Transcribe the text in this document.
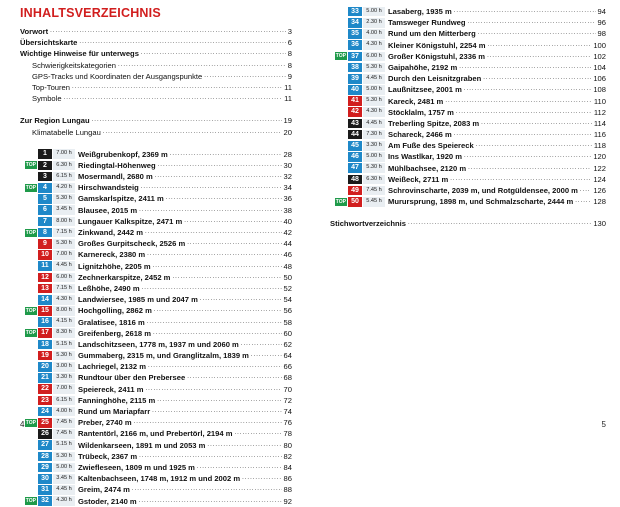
INHALTSVERZEICHNIS
Vorwort .....	3
Übersichtskarte .....	6
Wichtige Hinweise für unterwegs .....	8
Schwierigkeitskategorien .....	8
GPS-Tracks und Koordinaten der Ausgangspunkte .....	9
Top-Touren .....	11
Symbole .....	11
Zur Region Lungau .....	19
Klimatabelle Lungau .....	20
1	7.00 h Weißgrubenkopf, 2369 m .....	28
TOP	2	6.30 h Riedingtal-Höhenweg .....	30
3	6.15 h Mosermandl, 2680 m .....	32
TOP	4	4.20 h Hirschwandsteig .....	34
5	5.30 h Gamskarlspitze, 2411 m .....	36
6	3.45 h Blausee, 2015 m .....	38
7	8.00 h Lungauer Kalkspitze, 2471 m .....	40
TOP	8	7.15 h Zinkwand, 2442 m .....	42
9	5.30 h Großes Gurpitscheck, 2526 m .....	44
10	7.00 h Karnereck, 2380 m .....	46
11	4.45 h Lignitzhöhe, 2205 m .....	48
12	6.00 h Zechnerkarspitze, 2452 m .....	50
13	7.15 h Leßhöhe, 2490 m .....	52
14	4.30 h Landwiersee, 1985 m und 2047 m .....	54
TOP 15	8.00 h Hochgolling, 2862 m .....	56
16	4.15 h Gralatisee, 1816 m .....	58
TOP 17	8.30 h Greifenberg, 2618 m .....	60
18	5.15 h Landschitzseen, 1778 m, 1937 m und 2060 m .....	62
19	5.30 h Gummaberg, 2315 m, und Granglitzalm, 1839 m .....	64
20	3.00 h Lachriegel, 2132 m .....	66
21	3.30 h Rundtour über den Prebersee .....	68
22	7.00 h Speiereck, 2411 m .....	70
23	6.15 h Fanninghöhe, 2115 m .....	72
24	4.00 h Rund um Mariapfarr .....	74
TOP 25	7.45 h Preber, 2740 m .....	76
26	7.45 h Rantentörl, 2166 m, und Prebertörl, 2194 m .....	78
27	5.15 h Wildenkarseen, 1891 m und 2053 m .....	80
28	5.30 h Trübeck, 2367 m .....	82
29	5.00 h Zwiefleseen, 1809 m und 1925 m .....	84
30	3.45 h Kaltenbachseen, 1748 m, 1912 m und 2002 m .....	86
31	4.45 h Greim, 2474 m .....	88
TOP 32	4.30 h Gstoder, 2140 m .....	92
4
33	5.00 h Lasaberg, 1935 m .....	94
34	2.30 h Tamsweger Rundweg .....	96
35	4.00 h Rund um den Mitterberg .....	98
36	4.30 h Kleiner Königstuhl, 2254 m .....	100
TOP 37	6.00 h Großer Königstuhl, 2336 m .....	102
38	5.30 h Gaipahöhe, 2192 m .....	104
39	4.45 h Durch den Leisnitzgraben .....	106
40	5.00 h Laußnitzsee, 2001 m .....	108
41	5.30 h Kareck, 2481 m .....	110
42	4.30 h Stöcklalm, 1757 m .....	112
43	4.45 h Treberling Spitze, 2083 m .....	114
44	7.30 h Schareck, 2466 m .....	116
45	3.30 h Am Fuße des Speiereck .....	118
46	5.00 h Ins Wastlkar, 1920 m .....	120
47	5.30 h Mühlbachsee, 2120 m .....	122
48	6.30 h Weißeck, 2711 m .....	124
49	7.45 h Schrovinscharte, 2039 m, und Rotgüldensee, 2000 m ..... 126
TOP 50	5.45 h Murursprung, 1898 m, und Schmalzscharte, 2444 m .....	128
Stichwortverzeichnis .....	130
5
